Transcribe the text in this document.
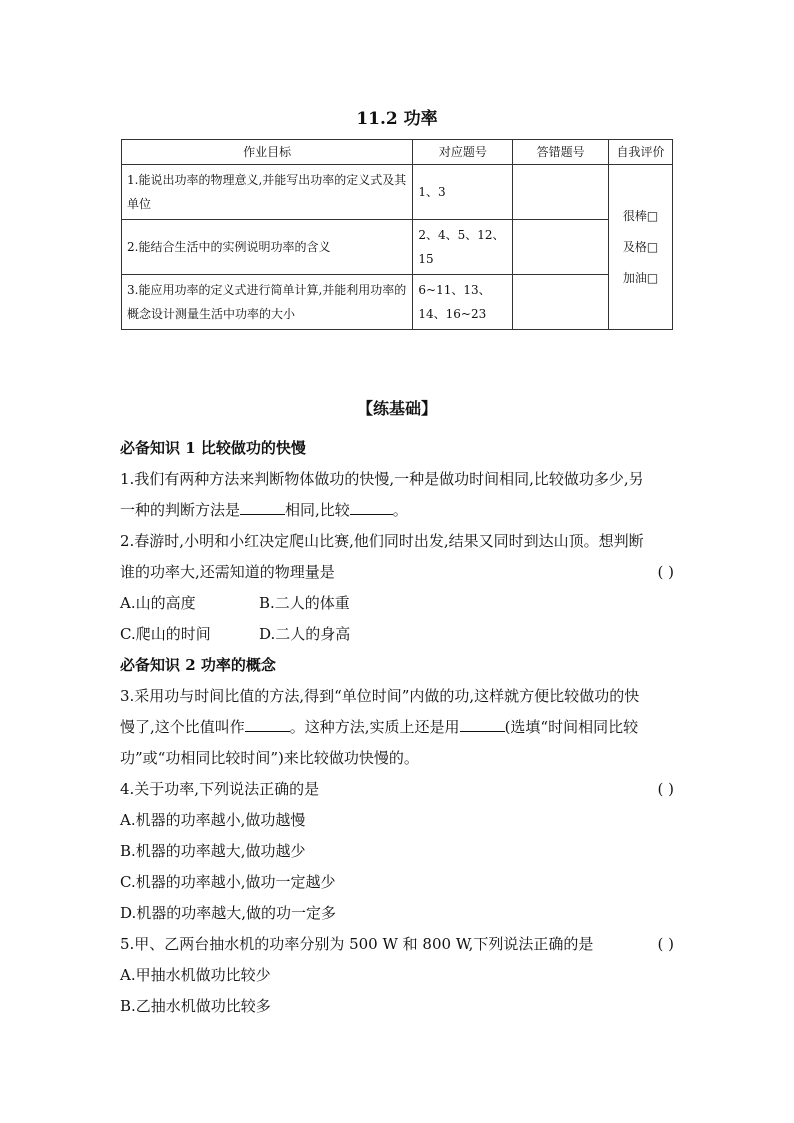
11.2 功率
作业目标	对应题号	答错题号	自我评价
1.能说出功率的物理意义,并能写出功率的定义式及其单位	1、3		很棒□
及格□
加油□

2.能结合生活中的实例说明功率的含义	2、4、5、12、15		
3.能应用功率的定义式进行简单计算,并能利用功率的概念设计测量生活中功率的大小	6~11、13、14、16~23		
【练基础】
必备知识 1 比较做功的快慢
1.我们有两种方法来判断物体做功的快慢,一种是做功时间相同,比较做功多少,另
一种的判断方法是	相同,比较	。
2.春游时,小明和小红决定爬山比赛,他们同时出发,结果又同时到达山顶。想判断
谁的功率大,还需知道的物理量是	( )
A.山的高度	B.二人的体重
C.爬山的时间	D.二人的身高
必备知识 2 功率的概念
3.采用功与时间比值的方法,得到“单位时间”内做的功,这样就方便比较做功的快
慢了,这个比值叫作	。这种方法,实质上还是用	(选填“时间相同比较
功”或“功相同比较时间”)来比较做功快慢的。
4.关于功率,下列说法正确的是	( )
A.机器的功率越小,做功越慢
B.机器的功率越大,做功越少
C.机器的功率越小,做功一定越少
D.机器的功率越大,做的功一定多
5.甲、乙两台抽水机的功率分别为 500 W 和 800 W,下列说法正确的是	( )
A.甲抽水机做功比较少
B.乙抽水机做功比较多
